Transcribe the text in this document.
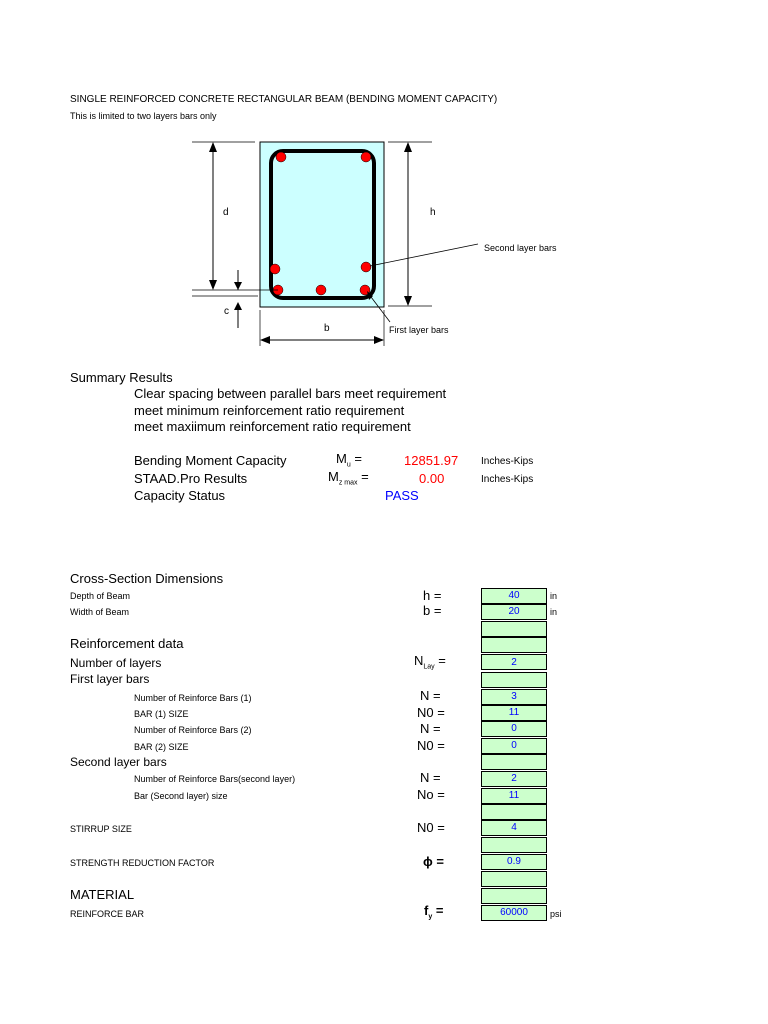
SINGLE REINFORCED CONCRETE RECTANGULAR BEAM (BENDING MOMENT CAPACITY)
This is limited to two layers bars only
d	h
c
b
Second layer bars
First layer bars
Summary Results
Clear spacing between parallel bars meet requirement
meet minimum reinforcement ratio requirement
meet maxiimum reinforcement ratio requirement
Bending Moment Capacity	$M_u$ =	12851.97 Inches-Kips
STAAD.Pro Results	$M_{z max}$ =	0.00	Inches-Kips
Capacity Status	PASS
Cross-Section Dimensions
Depth of Beam	h =	40	in
Width of Beam	b =	20	in
Reinforcement data
Number of layers	$N_{Lay}$ =	2
First layer bars
Number of Reinforce Bars (1)	N =	3
BAR (1) SIZE	N0 =	11
Number of Reinforce Bars (2)	N =	0
BAR (2) SIZE	N0 =	0
Second layer bars
Number of Reinforce Bars(second layer)	N =	2
Bar (Second layer) size	No =	11
STIRRUP SIZE	N0 =	4
STRENGTH REDUCTION FACTOR	ϕ =	0.9
MATERIAL
REINFORCE BAR	$f_y$ =	60000	psi
